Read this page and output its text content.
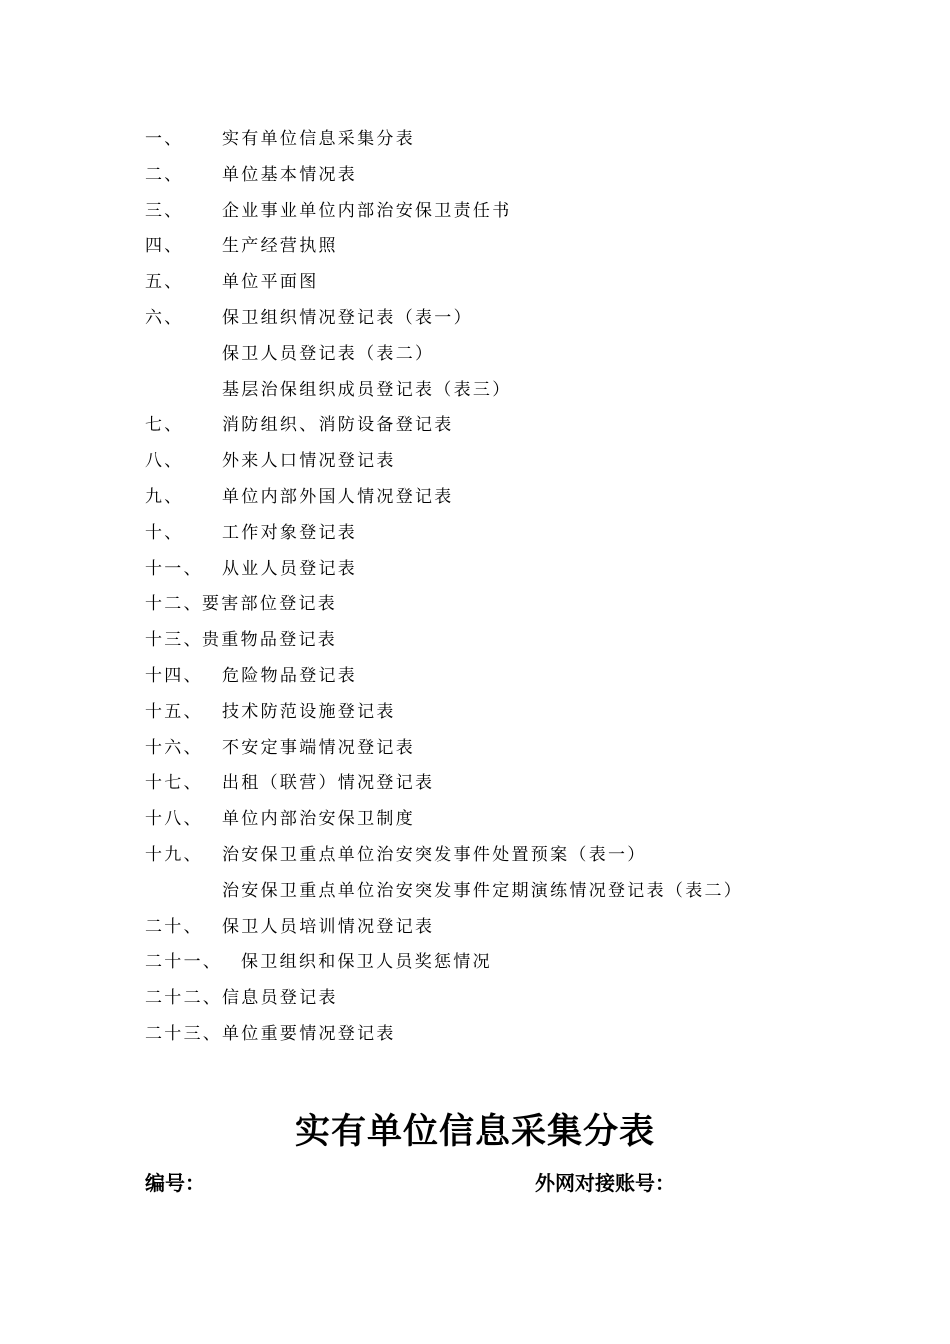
一、 实有单位信息采集分表
二、 单位基本情况表
三、 企业事业单位内部治安保卫责任书
四、 生产经营执照
五、 单位平面图
六、 保卫组织情况登记表（表一）
保卫人员登记表（表二）
基层治保组织成员登记表（表三）
七、 消防组织、消防设备登记表
八、 外来人口情况登记表
九、 单位内部外国人情况登记表
十、 工作对象登记表
十一、 从业人员登记表
十二、 要害部位登记表
十三、 贵重物品登记表
十四、 危险物品登记表
十五、 技术防范设施登记表
十六、 不安定事端情况登记表
十七、 出租（联营）情况登记表
十八、 单位内部治安保卫制度
十九、 治安保卫重点单位治安突发事件处置预案（表一）
治安保卫重点单位治安突发事件定期演练情况登记表（表二）
二十、 保卫人员培训情况登记表
二十一、 保卫组织和保卫人员奖惩情况
二十二、 信息员登记表
二十三、 单位重要情况登记表
实有单位信息采集分表
编号：	外网对接账号：
